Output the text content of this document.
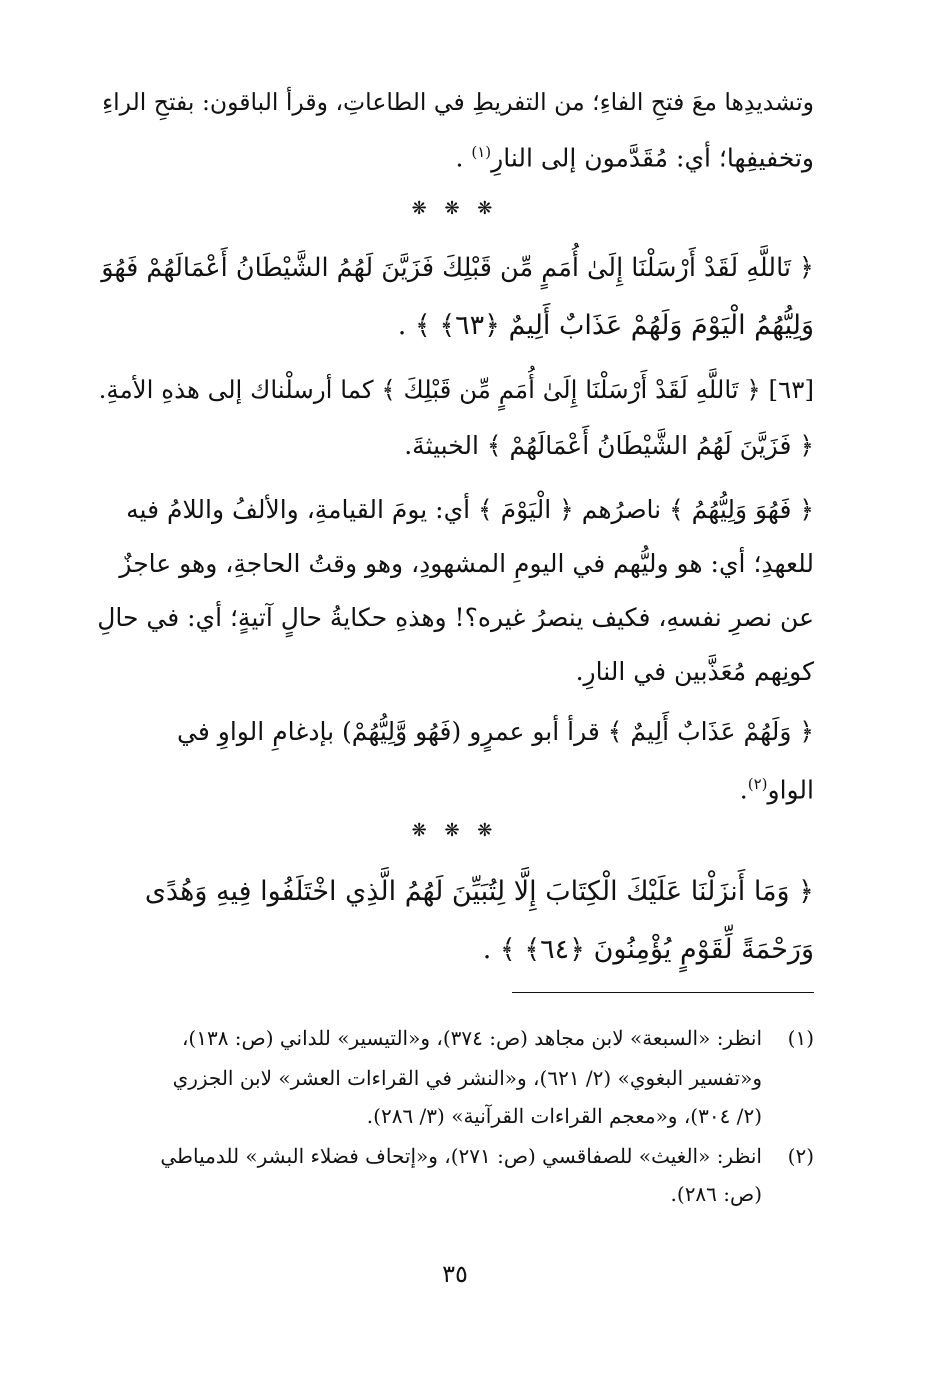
وتشديدِها معَ فتحِ الفاءِ؛ من التفريطِ في الطاعاتِ، وقرأ الباقون: بفتحِ الراءِ
وتخفيفِها؛ أي: مُقَدَّمون إلى النارِ$^{(١)}$ .
❋ ❋ ❋
﴿ تَاللَّهِ لَقَدْ أَرْسَلْنَا إِلَىٰ أُمَمٍ مِّن قَبْلِكَ فَزَيَّنَ لَهُمُ الشَّيْطَانُ أَعْمَالَهُمْ فَهُوَ
وَلِيُّهُمُ الْيَوْمَ وَلَهُمْ عَذَابٌ أَلِيمٌ ﴿٦٣﴾ ﴾ .
[٦٣] ﴿ تَاللَّهِ لَقَدْ أَرْسَلْنَا إِلَىٰ أُمَمٍ مِّن قَبْلِكَ ﴾ كما أرسلْناك إلى هذهِ الأمةِ.
﴿ فَزَيَّنَ لَهُمُ الشَّيْطَانُ أَعْمَالَهُمْ ﴾ الخبيثةَ.
﴿ فَهُوَ وَلِيُّهُمُ ﴾ ناصرُهم ﴿ الْيَوْمَ ﴾ أي: يومَ القيامةِ، والألفُ واللامُ فيه
للعهدِ؛ أي: هو وليُّهم في اليومِ المشهودِ، وهو وقتُ الحاجةِ، وهو عاجزٌ
عن نصرِ نفسهِ، فكيف ينصرُ غيره؟! وهذهِ حكايةُ حالٍ آتيةٍ؛ أي: في حالِ
كونِهم مُعَذَّبين في النارِ.
﴿ وَلَهُمْ عَذَابٌ أَلِيمٌ ﴾ قرأ أبو عمرٍو (فَهُو وَّلِيُّهُمْ) بإدغامِ الواوِ في
الواو$^{(٢)}$.
❋ ❋ ❋
﴿ وَمَا أَنزَلْنَا عَلَيْكَ الْكِتَابَ إِلَّا لِتُبَيِّنَ لَهُمُ الَّذِي اخْتَلَفُوا فِيهِ وَهُدًى
وَرَحْمَةً لِّقَوْمٍ يُؤْمِنُونَ ﴿٦٤﴾ ﴾ .
(١)
انظر: «السبعة» لابن مجاهد (ص: ٣٧٤)، و«التيسير» للداني (ص: ١٣٨)،
و«تفسير البغوي» (٢/ ٦٢١)، و«النشر في القراءات العشر» لابن الجزري
(٢/ ٣٠٤)، و«معجم القراءات القرآنية» (٣/ ٢٨٦).
(٢)
انظر: «الغيث» للصفاقسي (ص: ٢٧١)، و«إتحاف فضلاء البشر» للدمياطي
(ص: ٢٨٦).
٣٥
